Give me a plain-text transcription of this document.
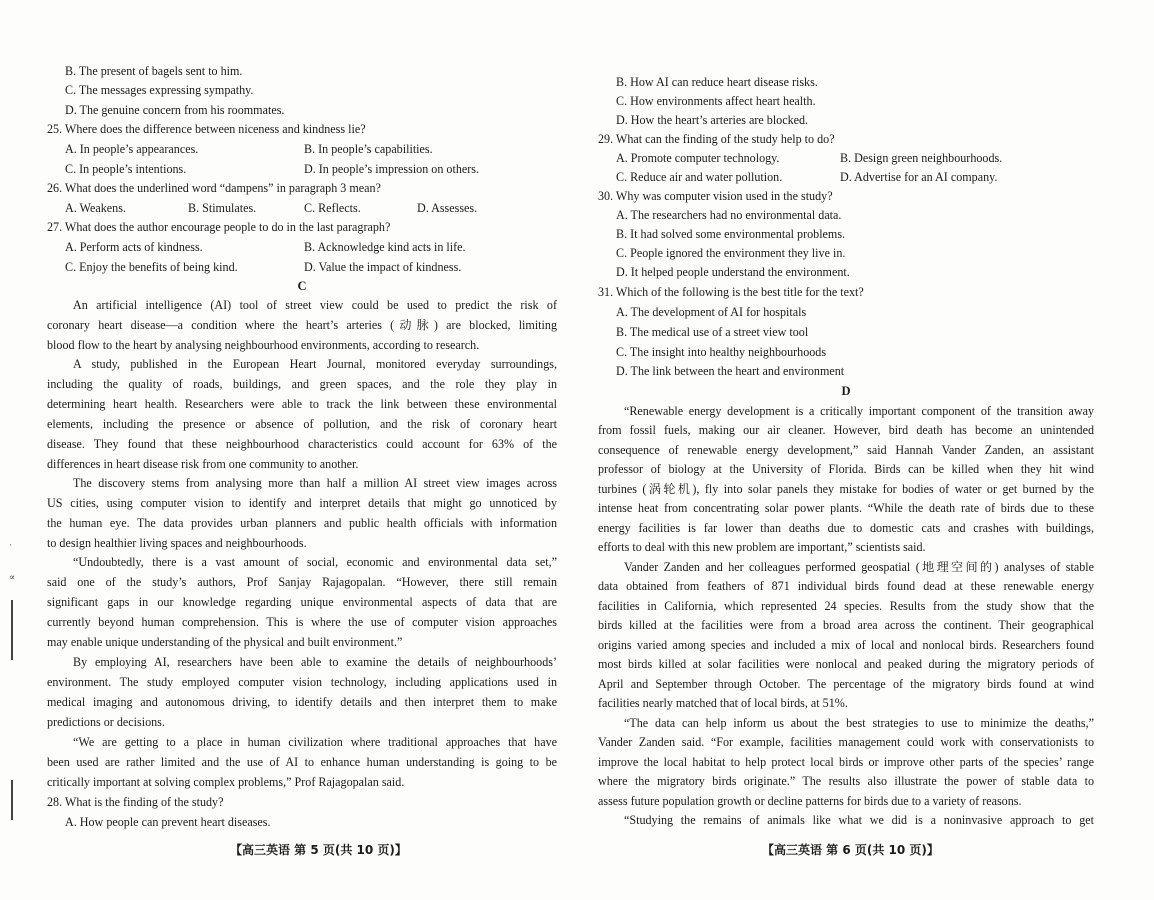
·
∝
B. The present of bagels sent to him.
C. The messages expressing sympathy.
D. The genuine concern from his roommates.
25. Where does the difference between niceness and kindness lie?
A. In people’s appearances.	B. In people’s capabilities.
C. In people’s intentions.	D. In people’s impression on others.
26. What does the underlined word “dampens” in paragraph 3 mean?
A. Weakens.	B. Stimulates.	C. Reflects.	D. Assesses.
27. What does the author encourage people to do in the last paragraph?
A. Perform acts of kindness.	B. Acknowledge kind acts in life.
C. Enjoy the benefits of being kind.	D. Value the impact of kindness.
C
An artificial intelligence (AI) tool of street view could be used to predict the risk of
coronary heart disease—a condition where the heart’s arteries (动脉) are blocked, limiting
blood flow to the heart by analysing neighbourhood environments, according to research.
A study, published in the European Heart Journal, monitored everyday surroundings,
including the quality of roads, buildings, and green spaces, and the role they play in
determining heart health. Researchers were able to track the link between these environmental
elements, including the presence or absence of pollution, and the risk of coronary heart
disease. They found that these neighbourhood characteristics could account for 63% of the
differences in heart disease risk from one community to another.
The discovery stems from analysing more than half a million AI street view images across
US cities, using computer vision to identify and interpret details that might go unnoticed by
the human eye. The data provides urban planners and public health officials with information
to design healthier living spaces and neighbourhoods.
“Undoubtedly, there is a vast amount of social, economic and environmental data set,”
said one of the study’s authors, Prof Sanjay Rajagopalan. “However, there still remain
significant gaps in our knowledge regarding unique environmental aspects of data that are
currently beyond human comprehension. This is where the use of computer vision approaches
may enable unique understanding of the physical and built environment.”
By employing AI, researchers have been able to examine the details of neighbourhoods’
environment. The study employed computer vision technology, including applications used in
medical imaging and autonomous driving, to identify details and then interpret them to make
predictions or decisions.
“We are getting to a place in human civilization where traditional approaches that have
been used are rather limited and the use of AI to enhance human understanding is going to be
critically important at solving complex problems,” Prof Rajagopalan said.
28. What is the finding of the study?
A. How people can prevent heart diseases.
【高三英语 第 5 页(共 10 页)】
B. How AI can reduce heart disease risks.
C. How environments affect heart health.
D. How the heart’s arteries are blocked.
29. What can the finding of the study help to do?
A. Promote computer technology.	B. Design green neighbourhoods.
C. Reduce air and water pollution.	D. Advertise for an AI company.
30. Why was computer vision used in the study?
A. The researchers had no environmental data.
B. It had solved some environmental problems.
C. People ignored the environment they live in.
D. It helped people understand the environment.
31. Which of the following is the best title for the text?
A. The development of AI for hospitals
B. The medical use of a street view tool
C. The insight into healthy neighbourhoods
D. The link between the heart and environment
D
“Renewable energy development is a critically important component of the transition away
from fossil fuels, making our air cleaner. However, bird death has become an unintended
consequence of renewable energy development,” said Hannah Vander Zanden, an assistant
professor of biology at the University of Florida. Birds can be killed when they hit wind
turbines (涡轮机), fly into solar panels they mistake for bodies of water or get burned by the
intense heat from concentrating solar power plants. “While the death rate of birds due to these
energy facilities is far lower than deaths due to domestic cats and crashes with buildings,
efforts to deal with this new problem are important,” scientists said.
Vander Zanden and her colleagues performed geospatial (地理空间的) analyses of stable
data obtained from feathers of 871 individual birds found dead at these renewable energy
facilities in California, which represented 24 species. Results from the study show that the
birds killed at the facilities were from a broad area across the continent. Their geographical
origins varied among species and included a mix of local and nonlocal birds. Researchers found
most birds killed at solar facilities were nonlocal and peaked during the migratory periods of
April and September through October. The percentage of the migratory birds found at wind
facilities nearly matched that of local birds, at 51%.
“The data can help inform us about the best strategies to use to minimize the deaths,”
Vander Zanden said. “For example, facilities management could work with conservationists to
improve the local habitat to help protect local birds or improve other parts of the species’ range
where the migratory birds originate.” The results also illustrate the power of stable data to
assess future population growth or decline patterns for birds due to a variety of reasons.
“Studying the remains of animals like what we did is a noninvasive approach to get
【高三英语 第 6 页(共 10 页)】
